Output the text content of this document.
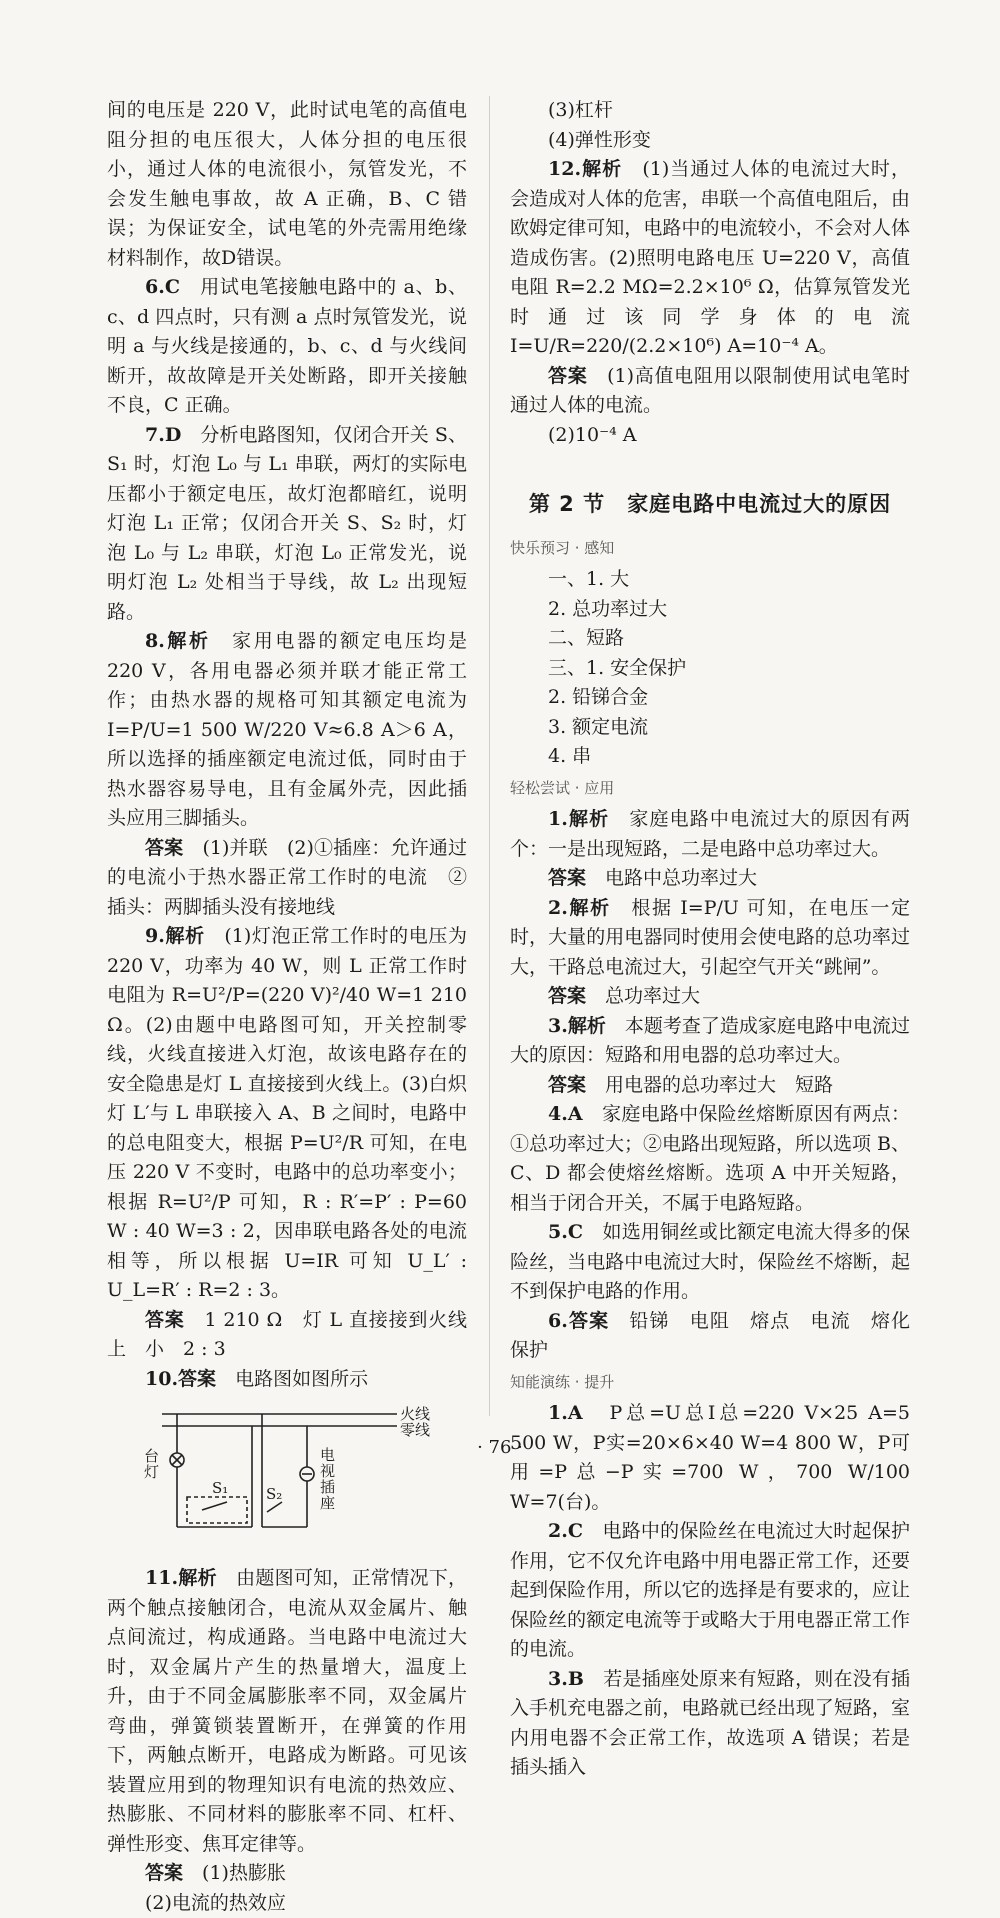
间的电压是 220 V，此时试电笔的高值电阻分担的电压很大，人体分担的电压很小，通过人体的电流很小，氖管发光，不会发生触电事故，故 A 正确，B、C 错误；为保证安全，试电笔的外壳需用绝缘材料制作，故D错误。

6.C　 用试电笔接触电路中的 a、b、c、d 四点时，只有测 a 点时氖管发光，说明 a 与火线是接通的，b、c、d 与火线间断开，故故障是开关处断路，即开关接触不良，C 正确。

7.D　 分析电路图知，仅闭合开关 S、S₁ 时，灯泡 L₀ 与 L₁ 串联，两灯的实际电压都小于额定电压，故灯泡都暗红，说明灯泡 L₁ 正常；仅闭合开关 S、S₂ 时，灯泡 L₀ 与 L₂ 串联，灯泡 L₀ 正常发光，说明灯泡 L₂ 处相当于导线，故 L₂ 出现短路。

8.解析　 家用电器的额定电压均是 220 V，各用电器必须并联才能正常工作；由热水器的规格可知其额定电流为 I=P/U=1 500 W/220 V≈6.8 A＞6 A，所以选择的插座额定电流过低，同时由于热水器容易导电，且有金属外壳，因此插头应用三脚插头。

答案　 (1)并联　(2)①插座：允许通过的电流小于热水器正常工作时的电流　②插头：两脚插头没有接地线

9.解析　 (1)灯泡正常工作时的电压为 220 V，功率为 40 W，则 L 正常工作时电阻为 R=U²/P=(220 V)²/40 W=1 210 Ω。(2)由题中电路图可知，开关控制零线，火线直接进入灯泡，故该电路存在的安全隐患是灯 L 直接接到火线上。(3)白炽灯 L′与 L 串联接入 A、B 之间时，电路中的总电阻变大，根据 P=U²/R 可知，在电压 220 V 不变时，电路中的总功率变小；根据 R=U²/P 可知，R : R′=P′ : P=60 W : 40 W=3 : 2，因串联电路各处的电流相等，所以根据 U=IR 可知 U_L′ : U_L=R′ : R=2 : 3。

答案　 1 210 Ω　灯 L 直接接到火线上　小　2 : 3

10.答案　 电路图如图所示

火线
零线
台灯
S₁	S₂
电视插座

11.解析　 由题图可知，正常情况下，两个触点接触闭合，电流从双金属片、触点间流过，构成通路。当电路中电流过大时，双金属片产生的热量增大，温度上升，由于不同金属膨胀率不同，双金属片弯曲，弹簧锁装置断开，在弹簧的作用下，两触点断开，电路成为断路。可见该装置应用到的物理知识有电流的热效应、热膨胀、不同材料的膨胀率不同、杠杆、弹性形变、焦耳定律等。

答案　 (1)热膨胀

(2)电流的热效应

(3)杠杆

(4)弹性形变

12.解析　 (1)当通过人体的电流过大时，会造成对人体的危害，串联一个高值电阻后，由欧姆定律可知，电路中的电流较小，不会对人体造成伤害。(2)照明电路电压 U=220 V，高值电阻 R=2.2 MΩ=2.2×10⁶ Ω，估算氖管发光时通过该同学身体的电流 I=U/R=220/(2.2×10⁶) A=10⁻⁴ A。

答案　 (1)高值电阻用以限制使用试电笔时通过人体的电流。

(2)10⁻⁴ A

第 2 节　家庭电路中电流过大的原因

快乐预习 · 感知

一、1. 大

2. 总功率过大

二、短路

三、1. 安全保护

2. 铅锑合金

3. 额定电流

4. 串

轻松尝试 · 应用

1.解析　 家庭电路中电流过大的原因有两个：一是出现短路，二是电路中总功率过大。

答案　 电路中总功率过大

2.解析　 根据 I=P/U 可知，在电压一定时，大量的用电器同时使用会使电路的总功率过大，干路总电流过大，引起空气开关“跳闸”。

答案　 总功率过大

3.解析　 本题考查了造成家庭电路中电流过大的原因：短路和用电器的总功率过大。

答案　 用电器的总功率过大　短路

4.A　 家庭电路中保险丝熔断原因有两点：①总功率过大；②电路出现短路，所以选项 B、C、D 都会使熔丝熔断。选项 A 中开关短路，相当于闭合开关，不属于电路短路。

5.C　 如选用铜丝或比额定电流大得多的保险丝，当电路中电流过大时，保险丝不熔断，起不到保护电路的作用。

6.答案　 铅锑　电阻　熔点　电流　熔化　保护

知能演练 · 提升

1.A　 P总=U总I总=220 V×25 A=5 500 W，P实=20×6×40 W=4 800 W，P可用=P总−P实=700 W，700 W/100 W=7(台)。

2.C　 电路中的保险丝在电流过大时起保护作用，它不仅允许电路中用电器正常工作，还要起到保险作用，所以它的选择是有要求的，应让保险丝的额定电流等于或略大于用电器正常工作的电流。

3.B　 若是插座处原来有短路，则在没有插入手机充电器之前，电路就已经出现了短路，室内用电器不会正常工作，故选项 A 错误；若是插头插入

· 76 ·
